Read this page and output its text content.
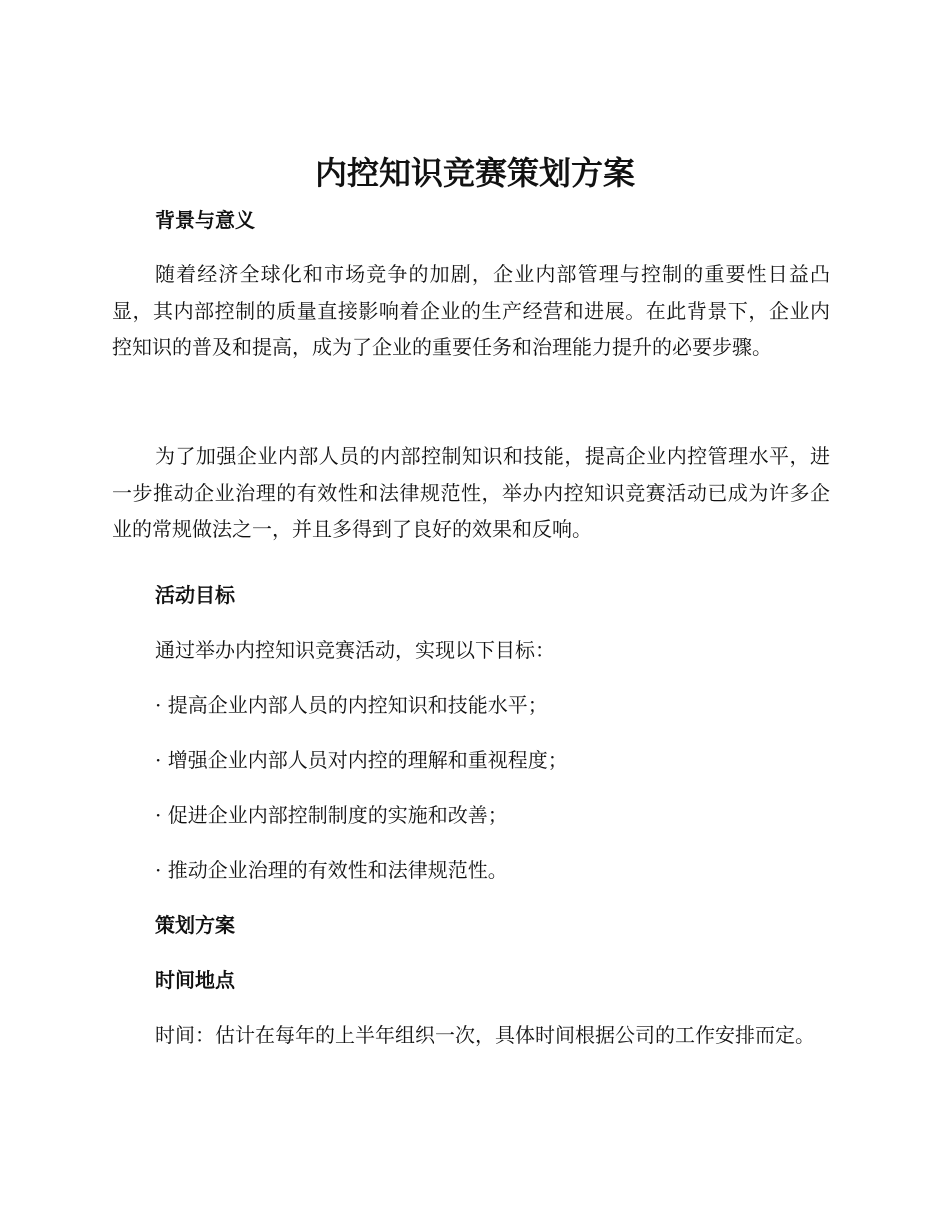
内控知识竞赛策划方案
背景与意义

随着经济全球化和市场竞争的加剧，企业内部管理与控制的重要性日益凸显，其内部控制的质量直接影响着企业的生产经营和进展。在此背景下，企业内控知识的普及和提高，成为了企业的重要任务和治理能力提升的必要步骤。

为了加强企业内部人员的内部控制知识和技能，提高企业内控管理水平，进一步推动企业治理的有效性和法律规范性，举办内控知识竞赛活动已成为许多企业的常规做法之一，并且多得到了良好的效果和反响。

活动目标
通过举办内控知识竞赛活动，实现以下目标：
· 提高企业内部人员的内控知识和技能水平；
· 增强企业内部人员对内控的理解和重视程度；
· 促进企业内部控制制度的实施和改善；
· 推动企业治理的有效性和法律规范性。
策划方案
时间地点

时间：估计在每年的上半年组织一次，具体时间根据公司的工作安排而定。
